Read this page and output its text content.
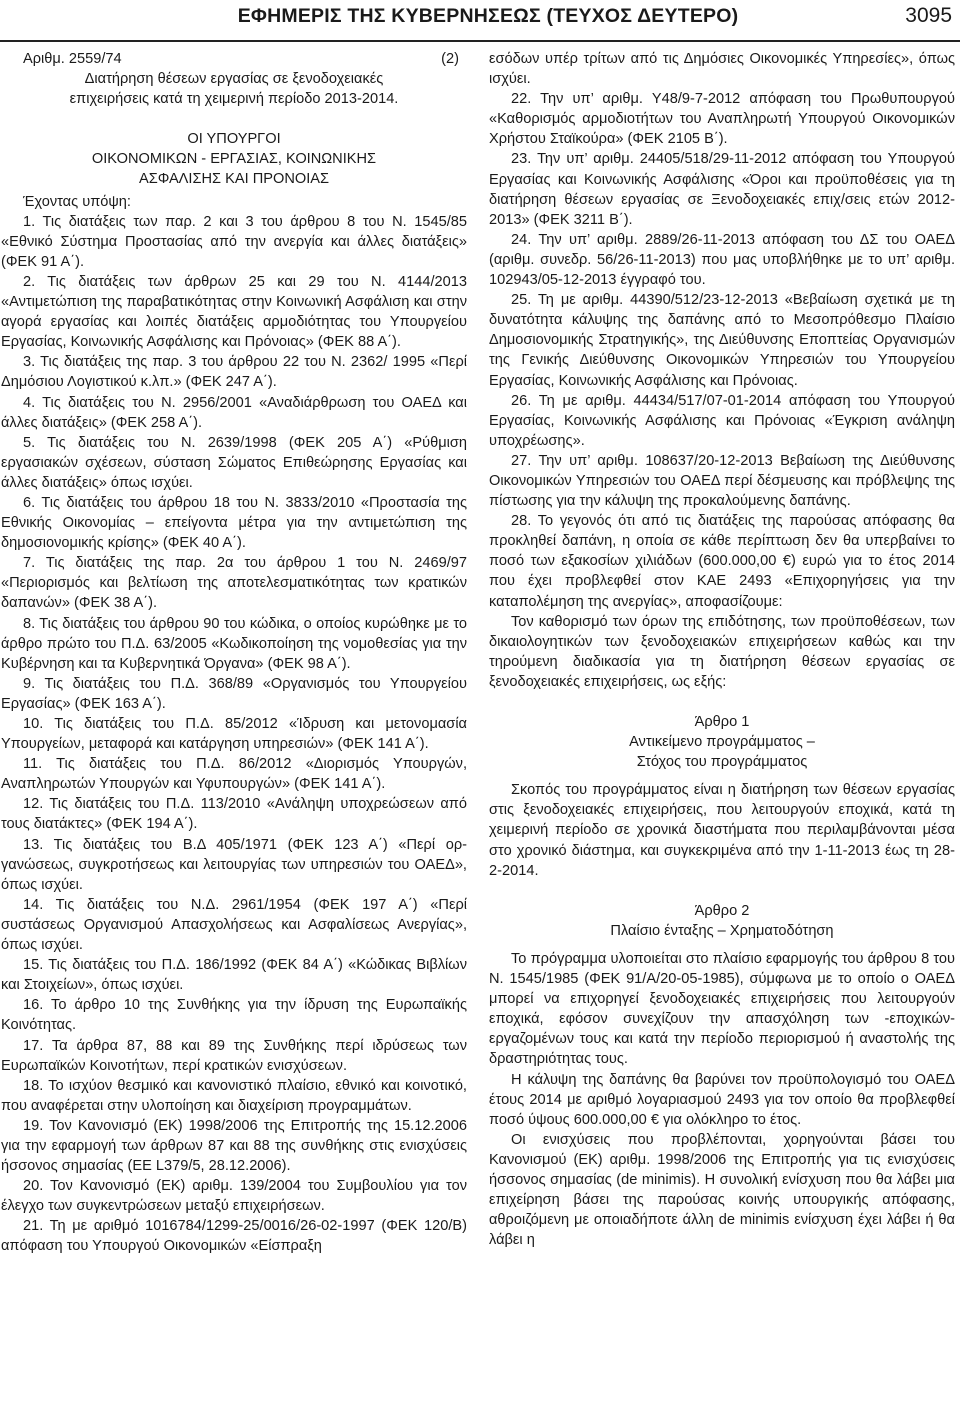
ΕΦΗΜΕΡΙΣ ΤΗΣ ΚΥΒΕΡΝΗΣΕΩΣ (ΤΕΥΧΟΣ ΔΕΥΤΕΡΟ)	3095

Αριθμ. 2559/74	(2)

Διατήρηση θέσεων εργασίας σε ξενοδοχειακές

επιχειρήσεις κατά τη χειμερινή περίοδο 2013-2014.

ΟΙ ΥΠΟΥΡΓΟΙ

ΟΙΚΟΝΟΜΙΚΩΝ - ΕΡΓΑΣΙΑΣ, ΚΟΙΝΩΝΙΚΗΣ

ΑΣΦΑΛΙΣΗΣ ΚΑΙ ΠΡΟΝΟΙΑΣ

Έχοντας υπόψη:

1. Τις διατάξεις των παρ. 2 και 3 του άρθρου 8 του Ν. 1545/85 «Εθνικό Σύστημα Προστασίας από την ανεργία και άλλες διατάξεις» (ΦΕΚ 91 Α΄).

2. Τις διατάξεις των άρθρων 25 και 29 του Ν. 4144/2013 «Αντιμετώπιση της παραβατικότητας στην Κοινωνική Ασφάλιση και στην αγορά εργασίας και λοιπές διατάξεις αρμοδιότητας του Υπουργείου Εργασίας, Κοινωνικής Ασφάλισης και Πρόνοιας» (ΦΕΚ 88 Α΄).

3. Τις διατάξεις της παρ. 3 του άρθρου 22 του Ν. 2362/ 1995 «Περί Δημόσιου Λογιστικού κ.λπ.» (ΦΕΚ 247 Α΄).

4. Τις διατάξεις του Ν. 2956/2001 «Αναδιάρθρωση του ΟΑΕΔ και άλλες διατάξεις» (ΦΕΚ 258 Α΄).

5. Τις διατάξεις του Ν. 2639/1998 (ΦΕΚ 205 Α΄) «Ρύθμιση εργασιακών σχέσεων, σύσταση Σώματος Επιθεώρησης Εργασίας και άλλες διατάξεις» όπως ισχύει.

6. Τις διατάξεις του άρθρου 18 του Ν. 3833/2010 «Προστασία της Εθνικής Οικονομίας – επείγοντα μέτρα για την αντιμετώπιση της δημοσιονομικής κρίσης» (ΦΕΚ 40 Α΄).

7. Τις διατάξεις της παρ. 2α του άρθρου 1 του Ν. 2469/97 «Περιορισμός και βελτίωση της αποτελεσματικότητας των κρατικών δαπανών» (ΦΕΚ 38 Α΄).

8. Τις διατάξεις του άρθρου 90 του κώδικα, ο οποίος κυρώθηκε με το άρθρο πρώτο του Π.Δ. 63/2005 «Κωδικοποίηση της νομοθεσίας για την Κυβέρνηση και τα Κυβερνητικά Όργανα» (ΦΕΚ 98 Α΄).

9. Τις διατάξεις του Π.Δ. 368/89 «Οργανισμός του Υπουργείου Εργασίας» (ΦΕΚ 163 Α΄).

10. Τις διατάξεις του Π.Δ. 85/2012 «Ίδρυση και μετονομασία Υπουργείων, μεταφορά και κατάργηση υπηρεσιών» (ΦΕΚ 141 Α΄).

11. Τις διατάξεις του Π.Δ. 86/2012 «Διορισμός Υπουργών, Αναπληρωτών Υπουργών και Υφυπουργών» (ΦΕΚ 141 Α΄).

12. Τις διατάξεις του Π.Δ. 113/2010 «Ανάληψη υποχρεώσεων από τους διατάκτες» (ΦΕΚ 194 Α΄).

13. Τις διατάξεις του Β.Δ 405/1971 (ΦΕΚ 123 Α΄) «Περί οργανώσεως, συγκροτήσεως και λειτουργίας των υπηρεσιών του ΟΑΕΔ», όπως ισχύει.

14. Τις διατάξεις του Ν.Δ. 2961/1954 (ΦΕΚ 197 Α΄) «Περί συστάσεως Οργανισμού Απασχολήσεως και Ασφαλίσεως Ανεργίας», όπως ισχύει.

15. Τις διατάξεις του Π.Δ. 186/1992 (ΦΕΚ 84 Α΄) «Κώδικας Βιβλίων και Στοιχείων», όπως ισχύει.

16. Το άρθρο 10 της Συνθήκης για την ίδρυση της Ευρωπαϊκής Κοινότητας.

17. Τα άρθρα 87, 88 και 89 της Συνθήκης περί ιδρύσεως των Ευρωπαϊκών Κοινοτήτων, περί κρατικών ενισχύσεων.

18. Το ισχύον θεσμικό και κανονιστικό πλαίσιο, εθνικό και κοινοτικό, που αναφέρεται στην υλοποίηση και διαχείριση προγραμμάτων.

19. Τον Κανονισμό (ΕΚ) 1998/2006 της Επιτροπής της 15.12.2006 για την εφαρμογή των άρθρων 87 και 88 της συνθήκης στις ενισχύσεις ήσσονος σημασίας (ΕΕ L379/5, 28.12.2006).

20. Τον Κανονισμό (ΕΚ) αριθμ. 139/2004 του Συμβουλίου για τον έλεγχο των συγκεντρώσεων μεταξύ επιχειρήσεων.

21. Τη με αριθμό 1016784/1299-25/0016/26-02-1997 (ΦΕΚ 120/Β) απόφαση του Υπουργού Οικονομικών «Είσπραξη

εσόδων υπέρ τρίτων από τις Δημόσιες Οικονομικές Υπηρεσίες», όπως ισχύει.

22. Την υπ’ αριθμ. Υ48/9-7-2012 απόφαση του Πρωθυπουργού «Καθορισμός αρμοδιοτήτων του Αναπληρωτή Υπουργού Οικονομικών Χρήστου Σταϊκούρα» (ΦΕΚ 2105 Β΄).

23. Την υπ’ αριθμ. 24405/518/29-11-2012 απόφαση του Υπουργού Εργασίας και Κοινωνικής Ασφάλισης «Όροι και προϋποθέσεις για τη διατήρηση θέσεων εργασίας σε Ξενοδοχειακές επιχ/σεις ετών 2012-2013» (ΦΕΚ 3211 Β΄).

24. Την υπ’ αριθμ. 2889/26-11-2013 απόφαση του ΔΣ του ΟΑΕΔ (αριθμ. συνεδρ. 56/26-11-2013) που μας υποβλήθηκε με το υπ’ αριθμ. 102943/05-12-2013 έγγραφό του.

25. Τη με αριθμ. 44390/512/23-12-2013 «Βεβαίωση σχετικά με τη δυνατότητα κάλυψης της δαπάνης από το Μεσοπρόθεσμο Πλαίσιο Δημοσιονομικής Στρατηγικής», της Διεύθυνσης Εποπτείας Οργανισμών της Γενικής Διεύθυνσης Οικονομικών Υπηρεσιών του Υπουργείου Εργασίας, Κοινωνικής Ασφάλισης και Πρόνοιας.

26. Τη με αριθμ. 44434/517/07-01-2014 απόφαση του Υπουργού Εργασίας, Κοινωνικής Ασφάλισης και Πρόνοιας «Έγκριση ανάληψη υποχρέωσης».

27. Την υπ’ αριθμ. 108637/20-12-2013 Βεβαίωση της Διεύθυνσης Οικονομικών Υπηρεσιών του ΟΑΕΔ περί δέσμευσης και πρόβλεψης της πίστωσης για την κάλυψη της προκαλούμενης δαπάνης.

28. Το γεγονός ότι από τις διατάξεις της παρούσας απόφασης θα προκληθεί δαπάνη, η οποία σε κάθε περίπτωση δεν θα υπερβαίνει το ποσό των εξακοσίων χιλιάδων (600.000,00 €) ευρώ για το έτος 2014 που έχει προβλεφθεί στον ΚΑΕ 2493 «Επιχορηγήσεις για την καταπολέμηση της ανεργίας», αποφασίζουμε:

Τον καθορισμό των όρων της επιδότησης, των προϋποθέσεων, των δικαιολογητικών των ξενοδοχειακών επιχειρήσεων καθώς και την τηρούμενη διαδικασία για τη διατήρηση θέσεων εργασίας σε ξενοδοχειακές επιχειρήσεις, ως εξής:

Άρθρο 1

Αντικείμενο προγράμματος –

Στόχος του προγράμματος

Σκοπός του προγράμματος είναι η διατήρηση των θέσεων εργασίας στις ξενοδοχειακές επιχειρήσεις, που λειτουργούν εποχικά, κατά τη χειμερινή περίοδο σε χρονικά διαστήματα που περιλαμβάνονται μέσα στο χρονικό διάστημα, και συγκεκριμένα από την 1-11-2013 έως τη 28-2-2014.

Άρθρο 2

Πλαίσιο ένταξης – Χρηματοδότηση

Το πρόγραμμα υλοποιείται στο πλαίσιο εφαρμογής του άρθρου 8 του Ν. 1545/1985 (ΦΕΚ 91/Α/20-05-1985), σύμφωνα με το οποίο ο ΟΑΕΔ μπορεί να επιχορηγεί ξενοδοχειακές επιχειρήσεις που λειτουργούν εποχικά, εφόσον συνεχίζουν την απασχόληση των -εποχικών- εργαζομένων τους και κατά την περίοδο περιορισμού ή αναστολής της δραστηριότητας τους.

Η κάλυψη της δαπάνης θα βαρύνει τον προϋπολογισμό του ΟΑΕΔ έτους 2014 με αριθμό λογαριασμού 2493 για τον οποίο θα προβλεφθεί ποσό ύψους 600.000,00 € για ολόκληρο το έτος.

Οι ενισχύσεις που προβλέπονται, χορηγούνται βάσει του Κανονισμού (ΕΚ) αριθμ. 1998/2006 της Επιτροπής για τις ενισχύσεις ήσσονος σημασίας (de minimis). Η συνολική ενίσχυση που θα λάβει μια επιχείρηση βάσει της παρούσας κοινής υπουργικής απόφασης, αθροιζόμενη με οποιαδήποτε άλλη de minimis ενίσχυση έχει λάβει ή θα λάβει η
